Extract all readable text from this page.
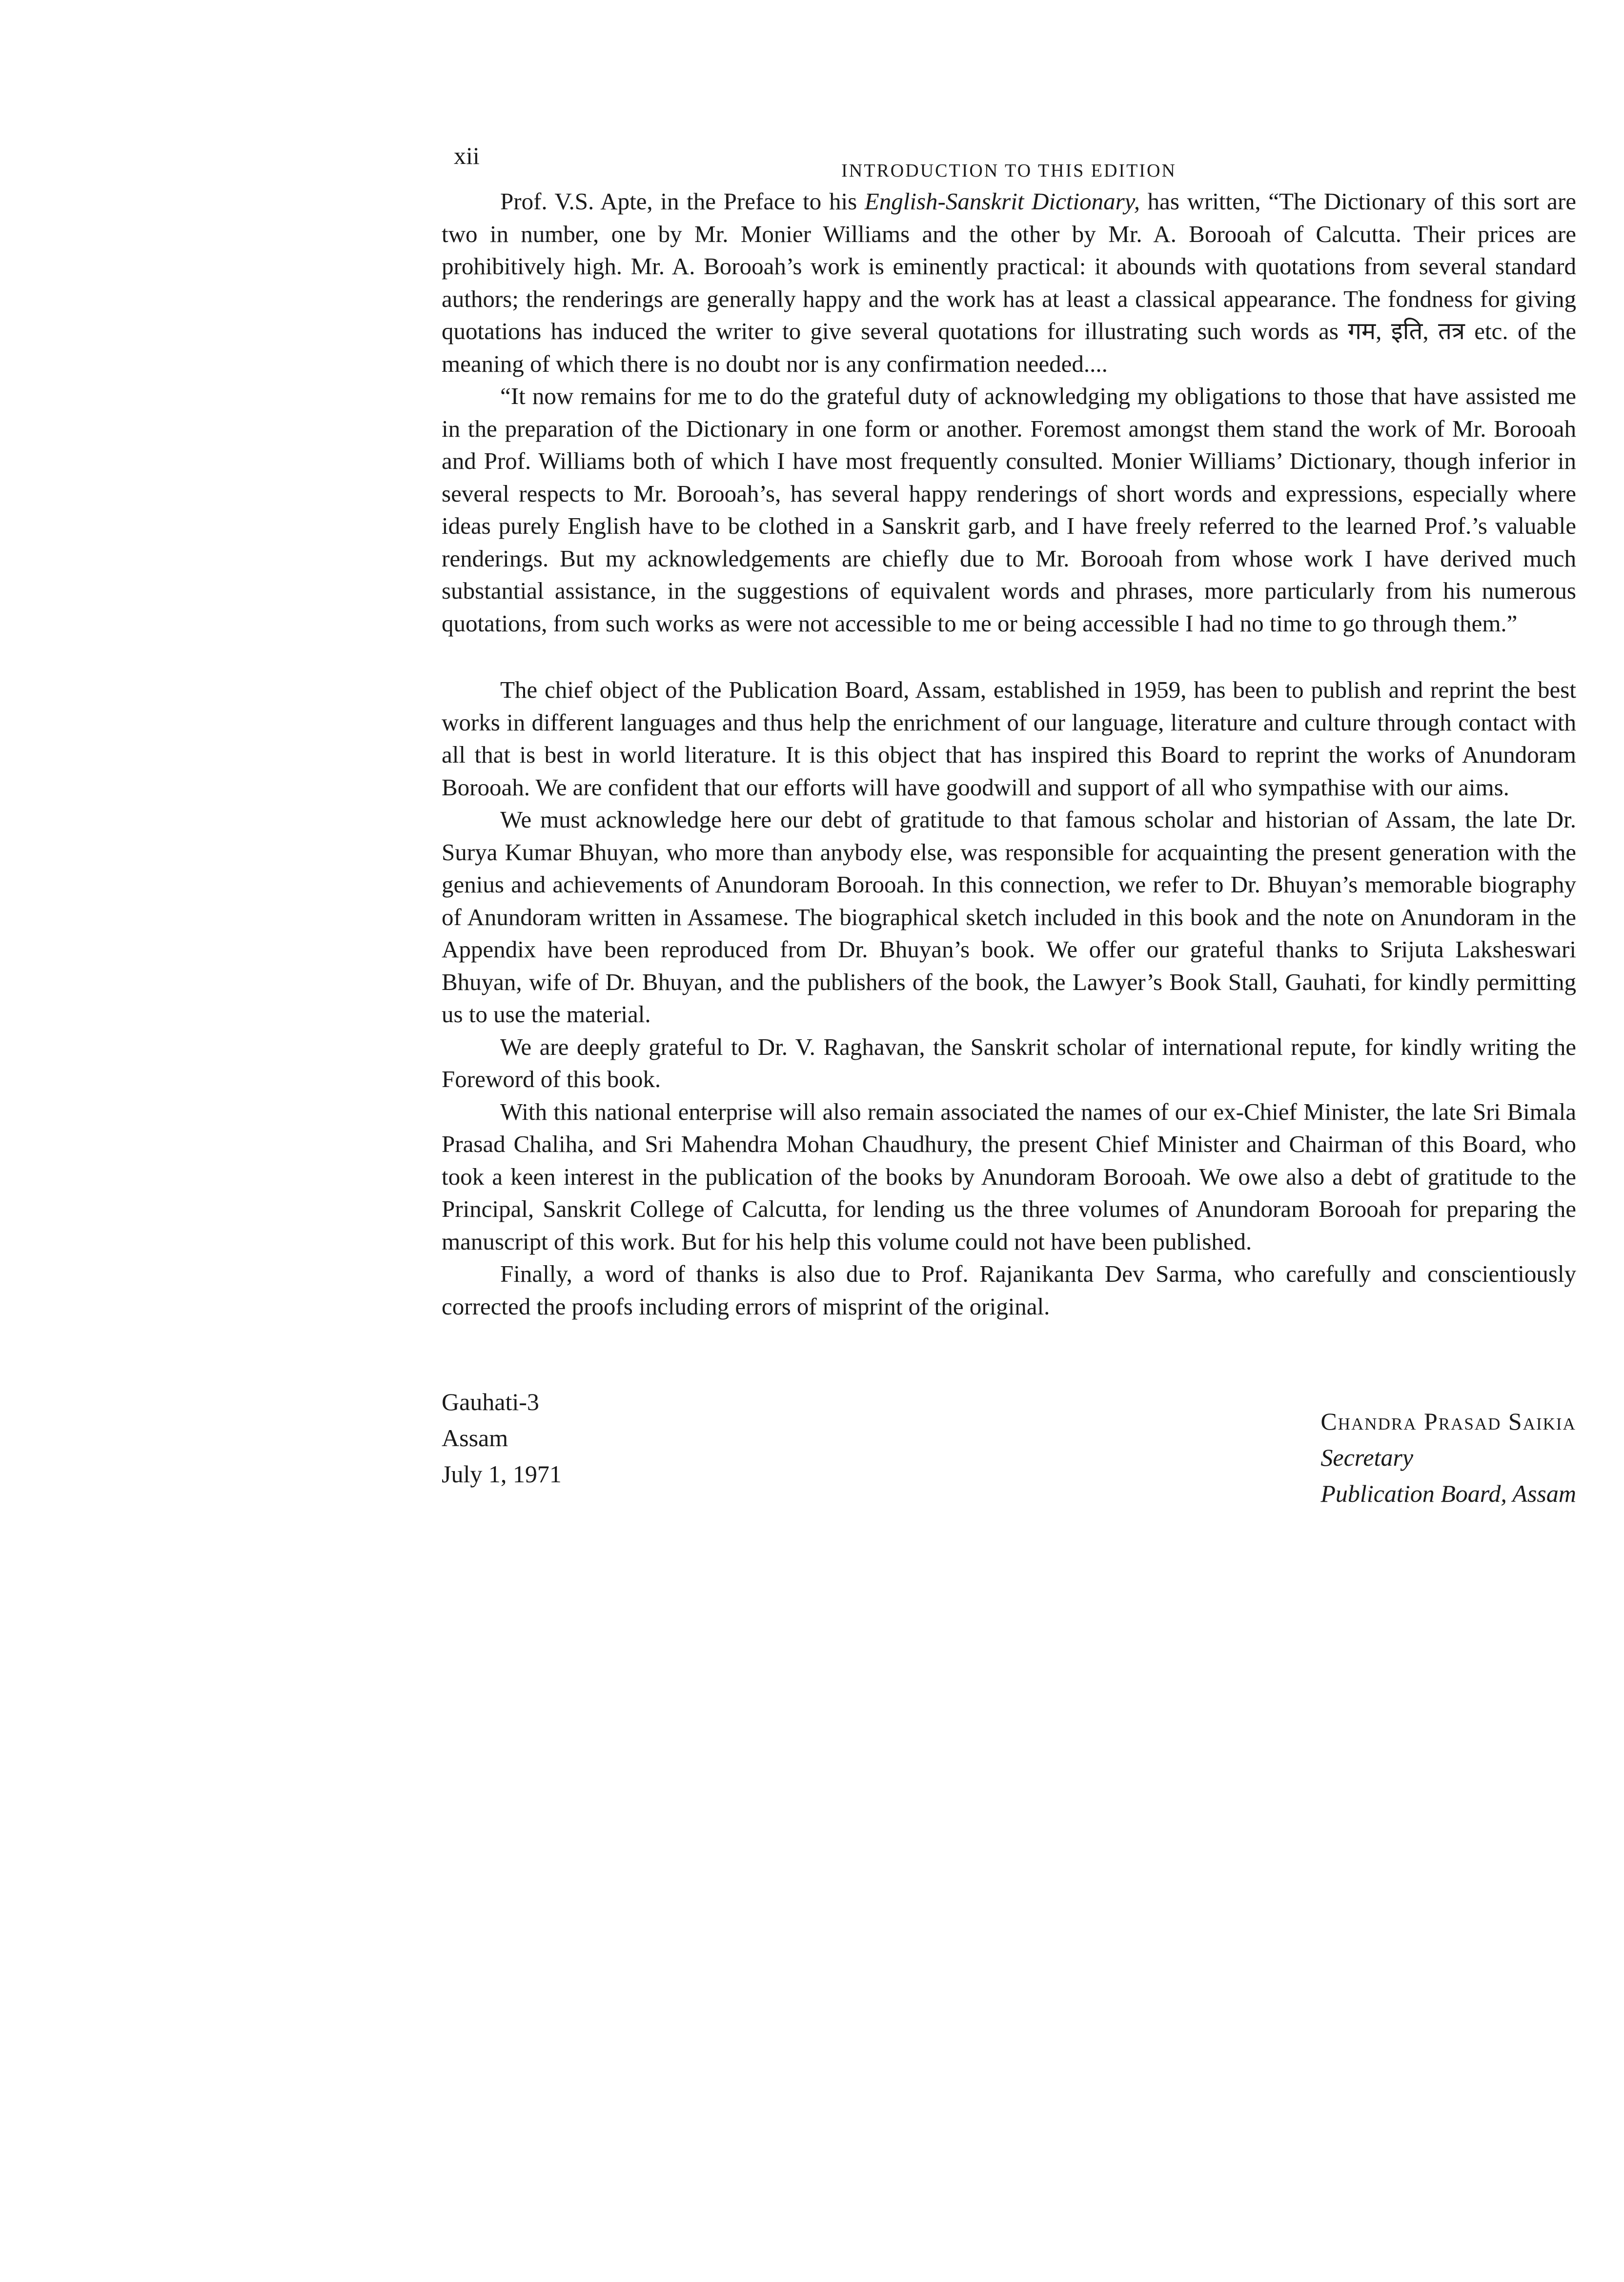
xii
INTRODUCTION TO THIS EDITION

Prof. V.S. Apte, in the Preface to his English-Sanskrit Dictionary, has written, “The Dictionary of this sort are two in number, one by Mr. Monier Williams and the other by Mr. A. Borooah of Calcutta. Their prices are prohibitively high. Mr. A. Borooah’s work is eminently practical: it abounds with quotations from several standard authors; the renderings are generally happy and the work has at least a classical appearance. The fondness for giving quotations has induced the writer to give several quotations for illustrating such words as गम, इति, तत्र etc. of the meaning of which there is no doubt nor is any confirmation needed....

“It now remains for me to do the grateful duty of acknowledging my obligations to those that have assisted me in the preparation of the Dictionary in one form or another. Foremost amongst them stand the work of Mr. Borooah and Prof. Williams both of which I have most frequently consulted. Monier Williams’ Dictionary, though inferior in several respects to Mr. Borooah’s, has several happy renderings of short words and expressions, especially where ideas purely English have to be clothed in a Sanskrit garb, and I have freely referred to the learned Prof.’s valuable renderings. But my acknowledgements are chiefly due to Mr. Borooah from whose work I have derived much substantial assistance, in the suggestions of equivalent words and phrases, more particularly from his numerous quotations, from such works as were not accessible to me or being accessible I had no time to go through them.”

The chief object of the Publication Board, Assam, established in 1959, has been to publish and reprint the best works in different languages and thus help the enrichment of our language, literature and culture through contact with all that is best in world literature. It is this object that has inspired this Board to reprint the works of Anundoram Borooah. We are confident that our efforts will have goodwill and support of all who sympathise with our aims.

We must acknowledge here our debt of gratitude to that famous scholar and historian of Assam, the late Dr. Surya Kumar Bhuyan, who more than anybody else, was responsible for acquainting the present generation with the genius and achievements of Anundoram Borooah. In this connection, we refer to Dr. Bhuyan’s memorable biography of Anundoram written in Assamese. The biographical sketch included in this book and the note on Anundoram in the Appendix have been reproduced from Dr. Bhuyan’s book. We offer our grateful thanks to Srijuta Laksheswari Bhuyan, wife of Dr. Bhuyan, and the publishers of the book, the Lawyer’s Book Stall, Gauhati, for kindly permitting us to use the material.

We are deeply grateful to Dr. V. Raghavan, the Sanskrit scholar of international repute, for kindly writing the Foreword of this book.

With this national enterprise will also remain associated the names of our ex-Chief Minister, the late Sri Bimala Prasad Chaliha, and Sri Mahendra Mohan Chaudhury, the present Chief Minister and Chairman of this Board, who took a keen interest in the publication of the books by Anundoram Borooah. We owe also a debt of gratitude to the Principal, Sanskrit College of Calcutta, for lending us the three volumes of Anundoram Borooah for preparing the manuscript of this work. But for his help this volume could not have been published.

Finally, a word of thanks is also due to Prof. Rajanikanta Dev Sarma, who carefully and conscientiously corrected the proofs including errors of misprint of the original.

Gauhati-3
Assam
July 1, 1971
Chandra Prasad Saikia
Secretary
Publication Board, Assam
